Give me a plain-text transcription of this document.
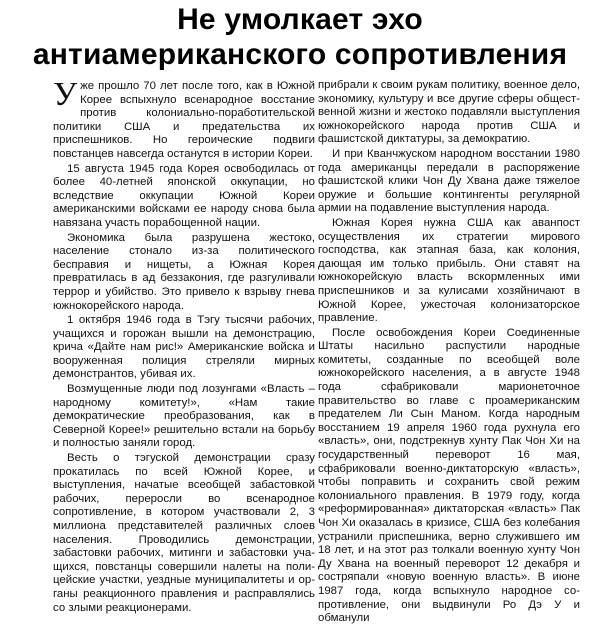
Не умолкает эхо
антиамериканского сопротивления

Уже прошло 70 лет после того, как в Южной Корее вспыхнуло всенародное восстание против колониально-поработительской политики США и предательства их приспешников. Но героические подвиги повстанцев навсегда останутся в истории Кореи.

15 августа 1945 года Корея освободилась от более 40-летней японской оккупации, но вследствие оккупации Южной Кореи американскими войсками ее народу снова была навязана участь порабощенной нации.

Экономика была разрушена жестоко, население стонало из-за политического бесправия и нищеты, а Южная Корея превратилась в ад беззакония, где разгуливали террор и убийство. Это привело к взрыву гнева южнокорейского народа.

1 октября 1946 года в Тэгу тысячи рабочих, учащихся и горожан вышли на демонстрацию, крича «Дайте нам рис!» Американские войска и вооруженная полиция стреляли мирных демонстрантов, убивая их.

Возмущенные люди под лозунгами «Власть – народному комитету!», «Нам такие демократические преобразования, как в Северной Корее!» решительно встали на борьбу и полностью заняли город.

Весть о тэгуской демонстрации сразу прокатилась по всей Южной Корее, и выступления, начатые всеобщей забастовкой рабочих, переросли во всенародное сопротивление, в котором участвовали 2, 3 миллиона представителей различных слоев населения. Проводились демонстрации, забастовки рабочих, митинги и забастовки учащихся, повстанцы совершили налеты на полицейские участки, уездные муниципалитеты и органы реакционного правления и расправлялись со злыми реакционерами.

прибрали к своим рукам политику, военное дело, экономику, культуру и все другие сферы общественной жизни и жестоко подавляли выступления южнокорейского народа против США и фашистской диктатуры, за демократию.

И при Кванчжуском народном восстании 1980 года американцы передали в распоряжение фашистской клики Чон Ду Хвана даже тяжелое оружие и большие контингенты регулярной армии на подавление выступления народа.

Южная Корея нужна США как аванпост осуществления их стратегии мирового господства, как этапная база, как колония, дающая им только прибыль. Они ставят на южнокорейскую власть вскормленных ими приспешников и за кулисами хозяйничают в Южной Корее, ужесточая колонизаторское правление.

После освобождения Кореи Соединенные Штаты насильно распустили народные комитеты, созданные по всеобщей воле южнокорейского населения, а в августе 1948 года сфабриковали марионеточное правительство во главе с проамериканским предателем Ли Сын Маном. Когда народным восстанием 19 апреля 1960 года рухнула его «власть», они, подстрекнув хунту Пак Чон Хи на государственный переворот 16 мая, сфабриковали военно-диктаторскую «власть», чтобы поправить и сохранить свой режим колониального правления. В 1979 году, когда «реформированная» диктаторская «власть» Пак Чон Хи оказалась в кризисе, США без колебания устранили приспешника, верно служившего им 18 лет, и на этот раз толкали военную хунту Чон Ду Хвана на военный переворот 12 декабря и состряпали «новую военную власть». В июне 1987 года, когда вспыхнуло народное сопротивление, они выдвинули Ро Дэ У и обманули
